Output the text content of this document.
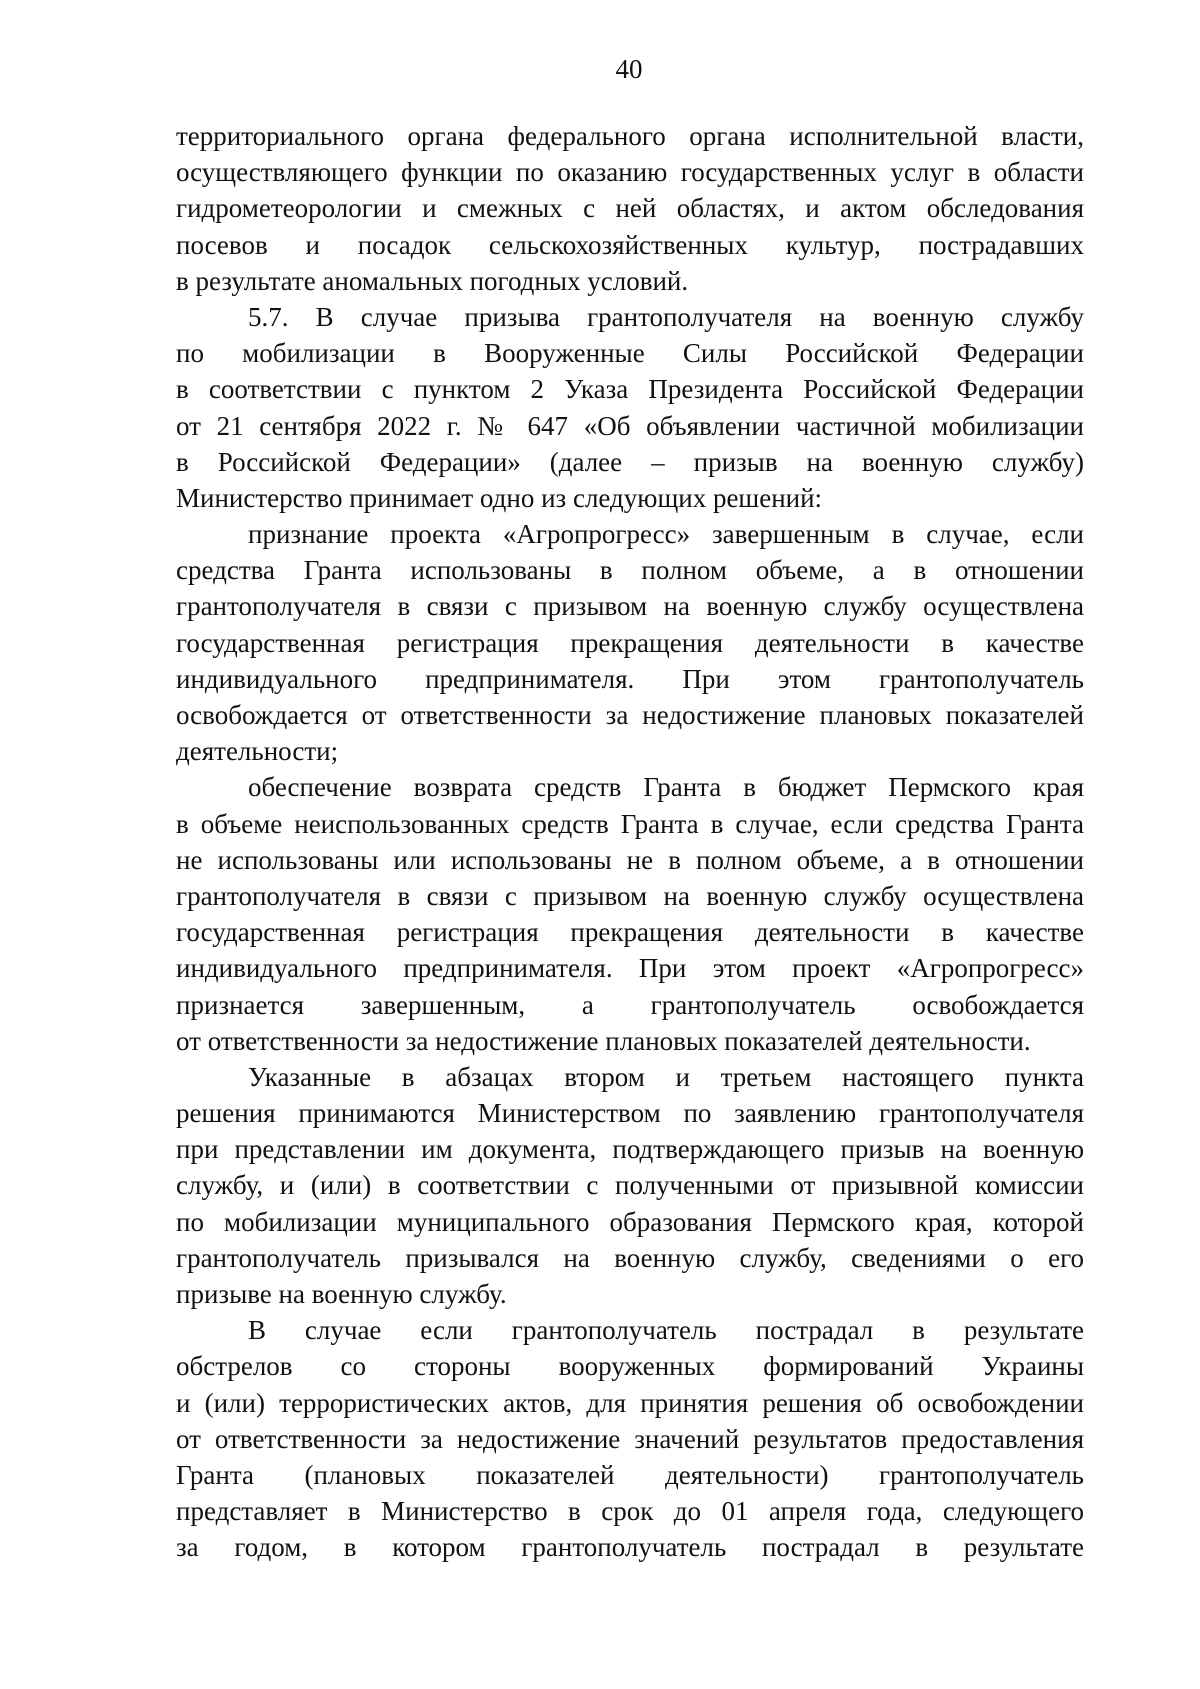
40
территориального органа федерального органа исполнительной власти,
осуществляющего функции по оказанию государственных услуг в области
гидрометеорологии и смежных с ней областях, и актом обследования
посевов и посадок сельскохозяйственных культур, пострадавших
в результате аномальных погодных условий.
5.7. В случае призыва грантополучателя на военную службу
по мобилизации в Вооруженные Силы Российской Федерации
в соответствии с пунктом 2 Указа Президента Российской Федерации
от 21 сентября 2022 г. № 647 «Об объявлении частичной мобилизации
в Российской Федерации» (далее – призыв на военную службу)
Министерство принимает одно из следующих решений:
признание проекта «Агропрогресс» завершенным в случае, если
средства Гранта использованы в полном объеме, а в отношении
грантополучателя в связи с призывом на военную службу осуществлена
государственная регистрация прекращения деятельности в качестве
индивидуального предпринимателя. При этом грантополучатель
освобождается от ответственности за недостижение плановых показателей
деятельности;
обеспечение возврата средств Гранта в бюджет Пермского края
в объеме неиспользованных средств Гранта в случае, если средства Гранта
не использованы или использованы не в полном объеме, а в отношении
грантополучателя в связи с призывом на военную службу осуществлена
государственная регистрация прекращения деятельности в качестве
индивидуального предпринимателя. При этом проект «Агропрогресс»
признается завершенным, а грантополучатель освобождается
от ответственности за недостижение плановых показателей деятельности.
Указанные в абзацах втором и третьем настоящего пункта
решения принимаются Министерством по заявлению грантополучателя
при представлении им документа, подтверждающего призыв на военную
службу, и (или) в соответствии с полученными от призывной комиссии
по мобилизации муниципального образования Пермского края, которой
грантополучатель призывался на военную службу, сведениями о его
призыве на военную службу.
В случае если грантополучатель пострадал в результате
обстрелов со стороны вооруженных формирований Украины
и (или) террористических актов, для принятия решения об освобождении
от ответственности за недостижение значений результатов предоставления
Гранта (плановых показателей деятельности) грантополучатель
представляет в Министерство в срок до 01 апреля года, следующего
за годом, в котором грантополучатель пострадал в результате
